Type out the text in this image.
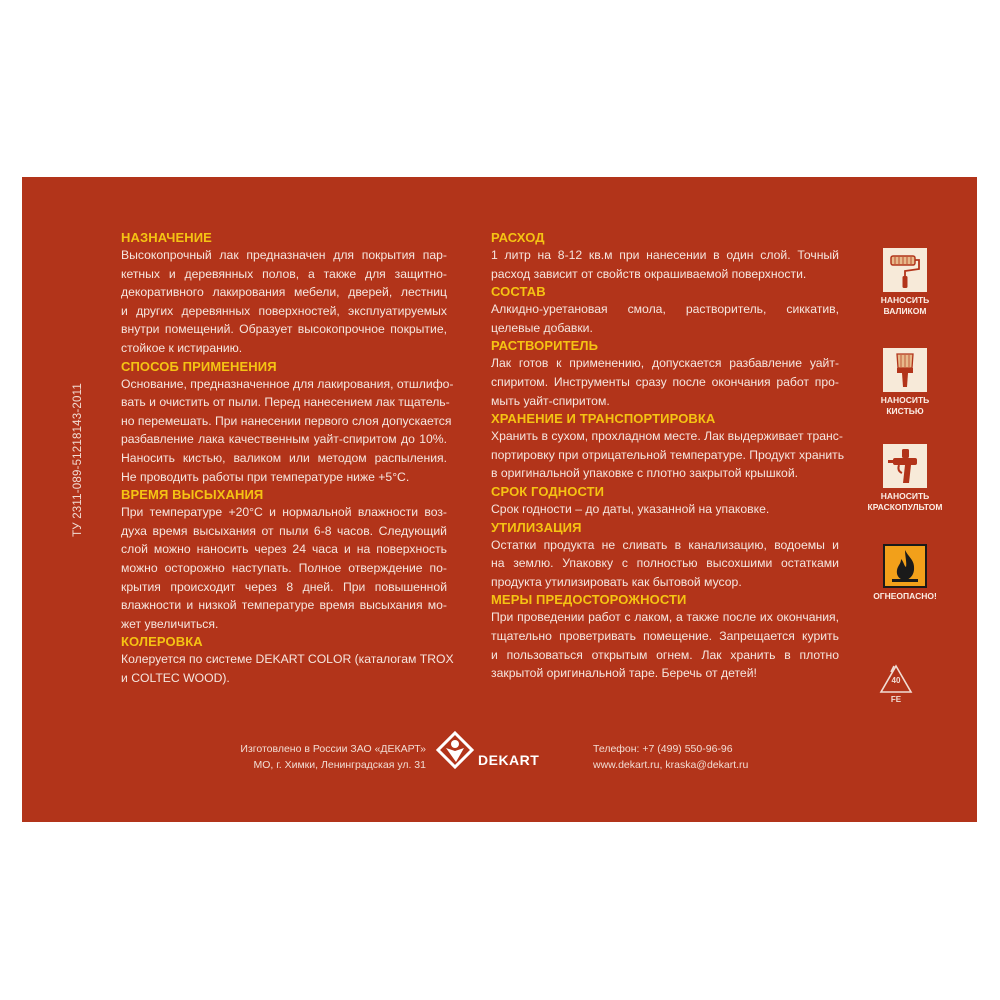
ТУ 2311-089-51218143-2011
НАЗНАЧЕНИЕ
Высокопрочный лак предназначен для покрытия пар-
кетных и деревянных полов, а также для защитно-
декоративного лакирования мебели, дверей, лестниц
и других деревянных поверхностей, эксплуатируемых
внутри помещений. Образует высокопрочное покрытие,
стойкое к истиранию.
СПОСОБ ПРИМЕНЕНИЯ
Основание, предназначенное для лакирования, отшлифо-
вать и очистить от пыли. Перед нанесением лак тщатель-
но перемешать. При нанесении первого слоя допускается
разбавление лака качественным уайт-спиритом до 10%.
Наносить кистью, валиком или методом распыления.
Не проводить работы при температуре ниже +5°С.
ВРЕМЯ ВЫСЫХАНИЯ
При температуре +20°С и нормальной влажности воз-
духа время высыхания от пыли 6-8 часов. Следующий
слой можно наносить через 24 часа и на поверхность
можно осторожно наступать. Полное отверждение по-
крытия происходит через 8 дней. При повышенной
влажности и низкой температуре время высыхания мо-
жет увеличиться.
КОЛЕРОВКА
Колеруется по системе DEKART COLOR (каталогам TROX
и COLTEC WOOD).
РАСХОД
1 литр на 8-12 кв.м при нанесении в один слой. Точный
расход зависит от свойств окрашиваемой поверхности.
СОСТАВ
Алкидно-уретановая смола, растворитель, сиккатив,
целевые добавки.
РАСТВОРИТЕЛЬ
Лак готов к применению, допускается разбавление уайт-
спиритом. Инструменты сразу после окончания работ про-
мыть уайт-спиритом.
ХРАНЕНИЕ И ТРАНСПОРТИРОВКА
Хранить в сухом, прохладном месте. Лак выдерживает транс-
портировку при отрицательной температуре. Продукт хранить
в оригинальной упаковке с плотно закрытой крышкой.
СРОК ГОДНОСТИ
Срок годности – до даты, указанной на упаковке.
УТИЛИЗАЦИЯ
Остатки продукта не сливать в канализацию, водоемы и
на землю. Упаковку с полностью высохшими остатками
продукта утилизировать как бытовой мусор.
МЕРЫ ПРЕДОСТОРОЖНОСТИ
При проведении работ с лаком, а также после их окончания,
тщательно проветривать помещение. Запрещается курить
и пользоваться открытым огнем. Лак хранить в плотно
закрытой оригинальной таре. Беречь от детей!
НАНОСИТЬ
ВАЛИКОМ
НАНОСИТЬ
КИСТЬЮ
НАНОСИТЬ
КРАСКОПУЛЬТОМ
ОГНЕОПАСНО!
40
FE
Изготовлено в России ЗАО «ДЕКАРТ»
МО, г. Химки, Ленинградская ул. 31	DEKART
Телефон: +7 (499) 550-96-96
www.dekart.ru, kraska@dekart.ru
